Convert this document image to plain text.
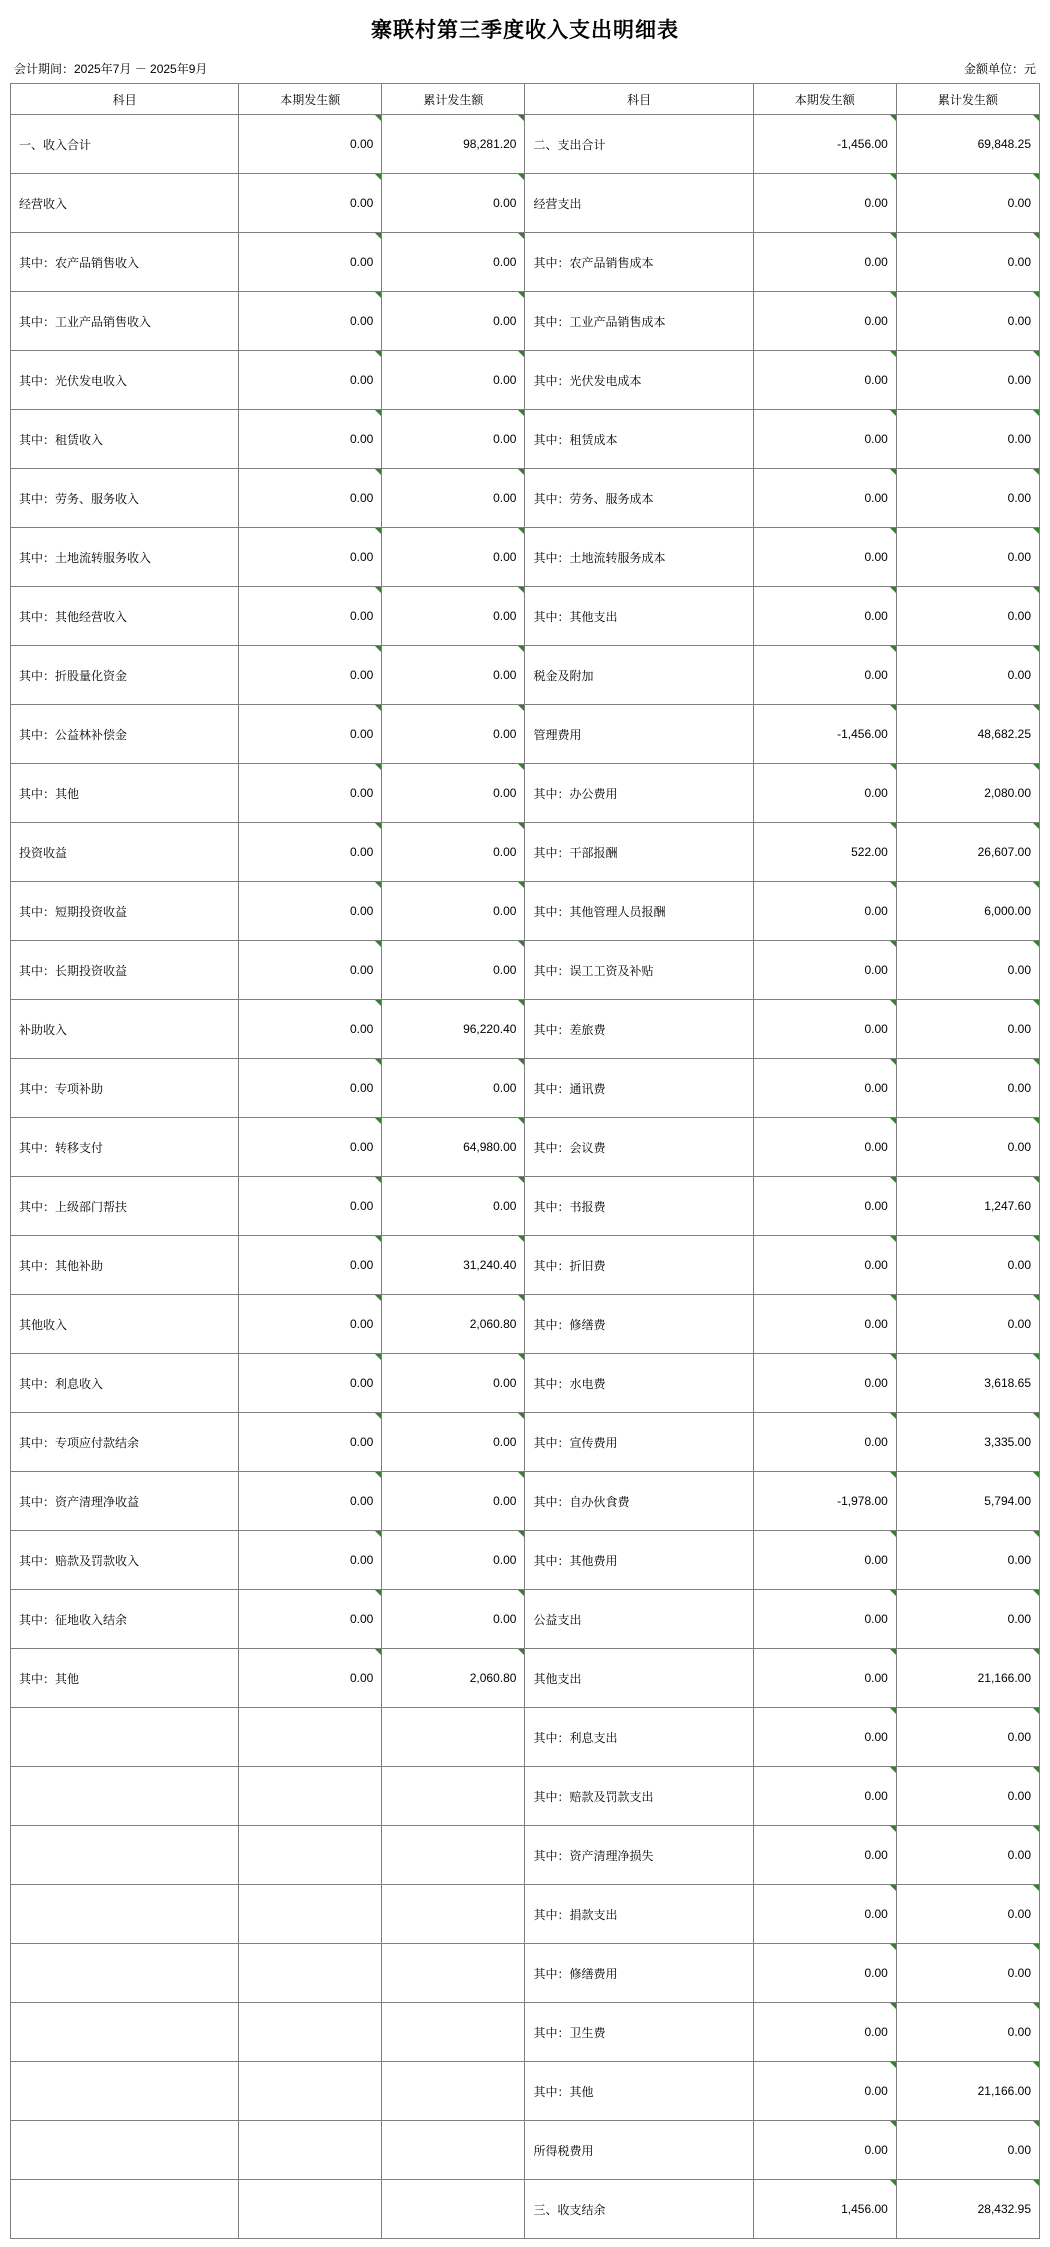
寨联村第三季度收入支出明细表
会计期间：2025年7月 － 2025年9月	金额单位：元
科目	本期发生额	累计发生额	科目	本期发生额	累计发生额
一、收入合计	0.00	98,281.20	二、支出合计	-1,456.00	69,848.25
经营收入	0.00	0.00	经营支出	0.00	0.00
其中：农产品销售收入	0.00	0.00	其中：农产品销售成本	0.00	0.00
其中：工业产品销售收入	0.00	0.00	其中：工业产品销售成本	0.00	0.00
其中：光伏发电收入	0.00	0.00	其中：光伏发电成本	0.00	0.00
其中：租赁收入	0.00	0.00	其中：租赁成本	0.00	0.00
其中：劳务、服务收入	0.00	0.00	其中：劳务、服务成本	0.00	0.00
其中：土地流转服务收入	0.00	0.00	其中：土地流转服务成本	0.00	0.00
其中：其他经营收入	0.00	0.00	其中：其他支出	0.00	0.00
其中：折股量化资金	0.00	0.00	税金及附加	0.00	0.00
其中：公益林补偿金	0.00	0.00	管理费用	-1,456.00	48,682.25
其中：其他	0.00	0.00	其中：办公费用	0.00	2,080.00
投资收益	0.00	0.00	其中：干部报酬	522.00	26,607.00
其中：短期投资收益	0.00	0.00	其中：其他管理人员报酬	0.00	6,000.00
其中：长期投资收益	0.00	0.00	其中：误工工资及补贴	0.00	0.00
补助收入	0.00	96,220.40	其中：差旅费	0.00	0.00
其中：专项补助	0.00	0.00	其中：通讯费	0.00	0.00
其中：转移支付	0.00	64,980.00	其中：会议费	0.00	0.00
其中：上级部门帮扶	0.00	0.00	其中：书报费	0.00	1,247.60
其中：其他补助	0.00	31,240.40	其中：折旧费	0.00	0.00
其他收入	0.00	2,060.80	其中：修缮费	0.00	0.00
其中：利息收入	0.00	0.00	其中：水电费	0.00	3,618.65
其中：专项应付款结余	0.00	0.00	其中：宣传费用	0.00	3,335.00
其中：资产清理净收益	0.00	0.00	其中：自办伙食费	-1,978.00	5,794.00
其中：赔款及罚款收入	0.00	0.00	其中：其他费用	0.00	0.00
其中：征地收入结余	0.00	0.00	公益支出	0.00	0.00
其中：其他	0.00	2,060.80	其他支出	0.00	21,166.00
			其中：利息支出	0.00	0.00
			其中：赔款及罚款支出	0.00	0.00
			其中：资产清理净损失	0.00	0.00
			其中：捐款支出	0.00	0.00
			其中：修缮费用	0.00	0.00
			其中：卫生费	0.00	0.00
			其中：其他	0.00	21,166.00
			所得税费用	0.00	0.00
			三、收支结余	1,456.00	28,432.95
